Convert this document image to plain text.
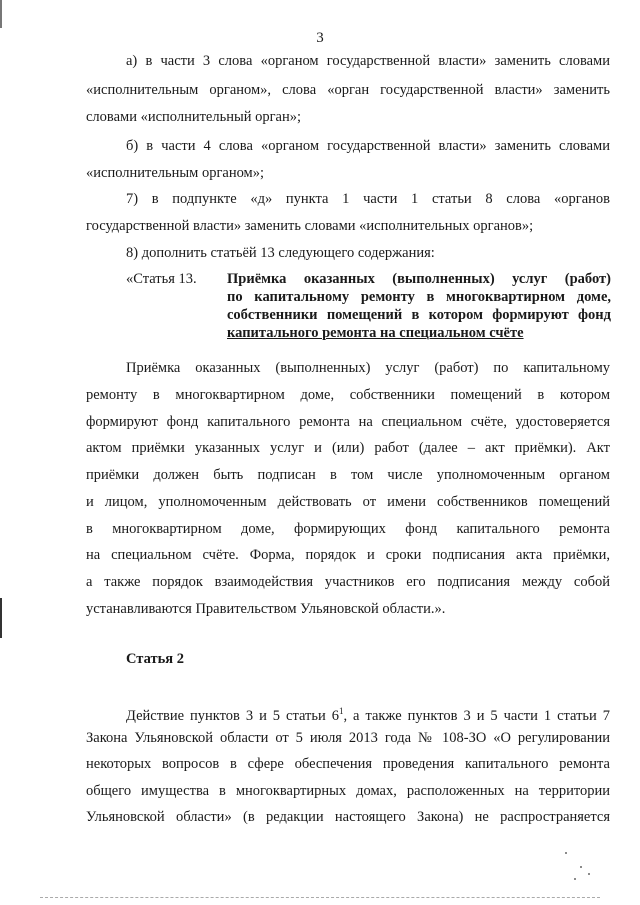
3
а) в части 3 слова «органом государственной власти» заменить словами
«исполнительным органом», слова «орган государственной власти» заменить
словами «исполнительный орган»;
б) в части 4 слова «органом государственной власти» заменить словами
«исполнительным органом»;
7) в подпункте «д» пункта 1 части 1 статьи 8 слова «органов
государственной власти» заменить словами «исполнительных органов»;
8) дополнить статьёй 13 следующего содержания:
«Статья 13. Приёмка оказанных (выполненных) услуг (работ)
по капитальному ремонту в многоквартирном доме,
собственники помещений в котором формируют фонд
капитального ремонта на специальном счёте
Приёмка оказанных (выполненных) услуг (работ) по капитальному
ремонту в многоквартирном доме, собственники помещений в котором
формируют фонд капитального ремонта на специальном счёте, удостоверяется
актом приёмки указанных услуг и (или) работ (далее – акт приёмки). Акт
приёмки должен быть подписан в том числе уполномоченным органом
и лицом, уполномоченным действовать от имени собственников помещений
в многоквартирном доме, формирующих фонд капитального ремонта
на специальном счёте. Форма, порядок и сроки подписания акта приёмки,
а также порядок взаимодействия участников его подписания между собой
устанавливаются Правительством Ульяновской области.».
Статья 2
Действие пунктов 3 и 5 статьи $6^1$, а также пунктов 3 и 5 части 1 статьи 7
Закона Ульяновской области от 5 июля 2013 года № 108-ЗО «О регулировании
некоторых вопросов в сфере обеспечения проведения капитального ремонта
общего имущества в многоквартирных домах, расположенных на территории
Ульяновской области» (в редакции настоящего Закона) не распространяется
